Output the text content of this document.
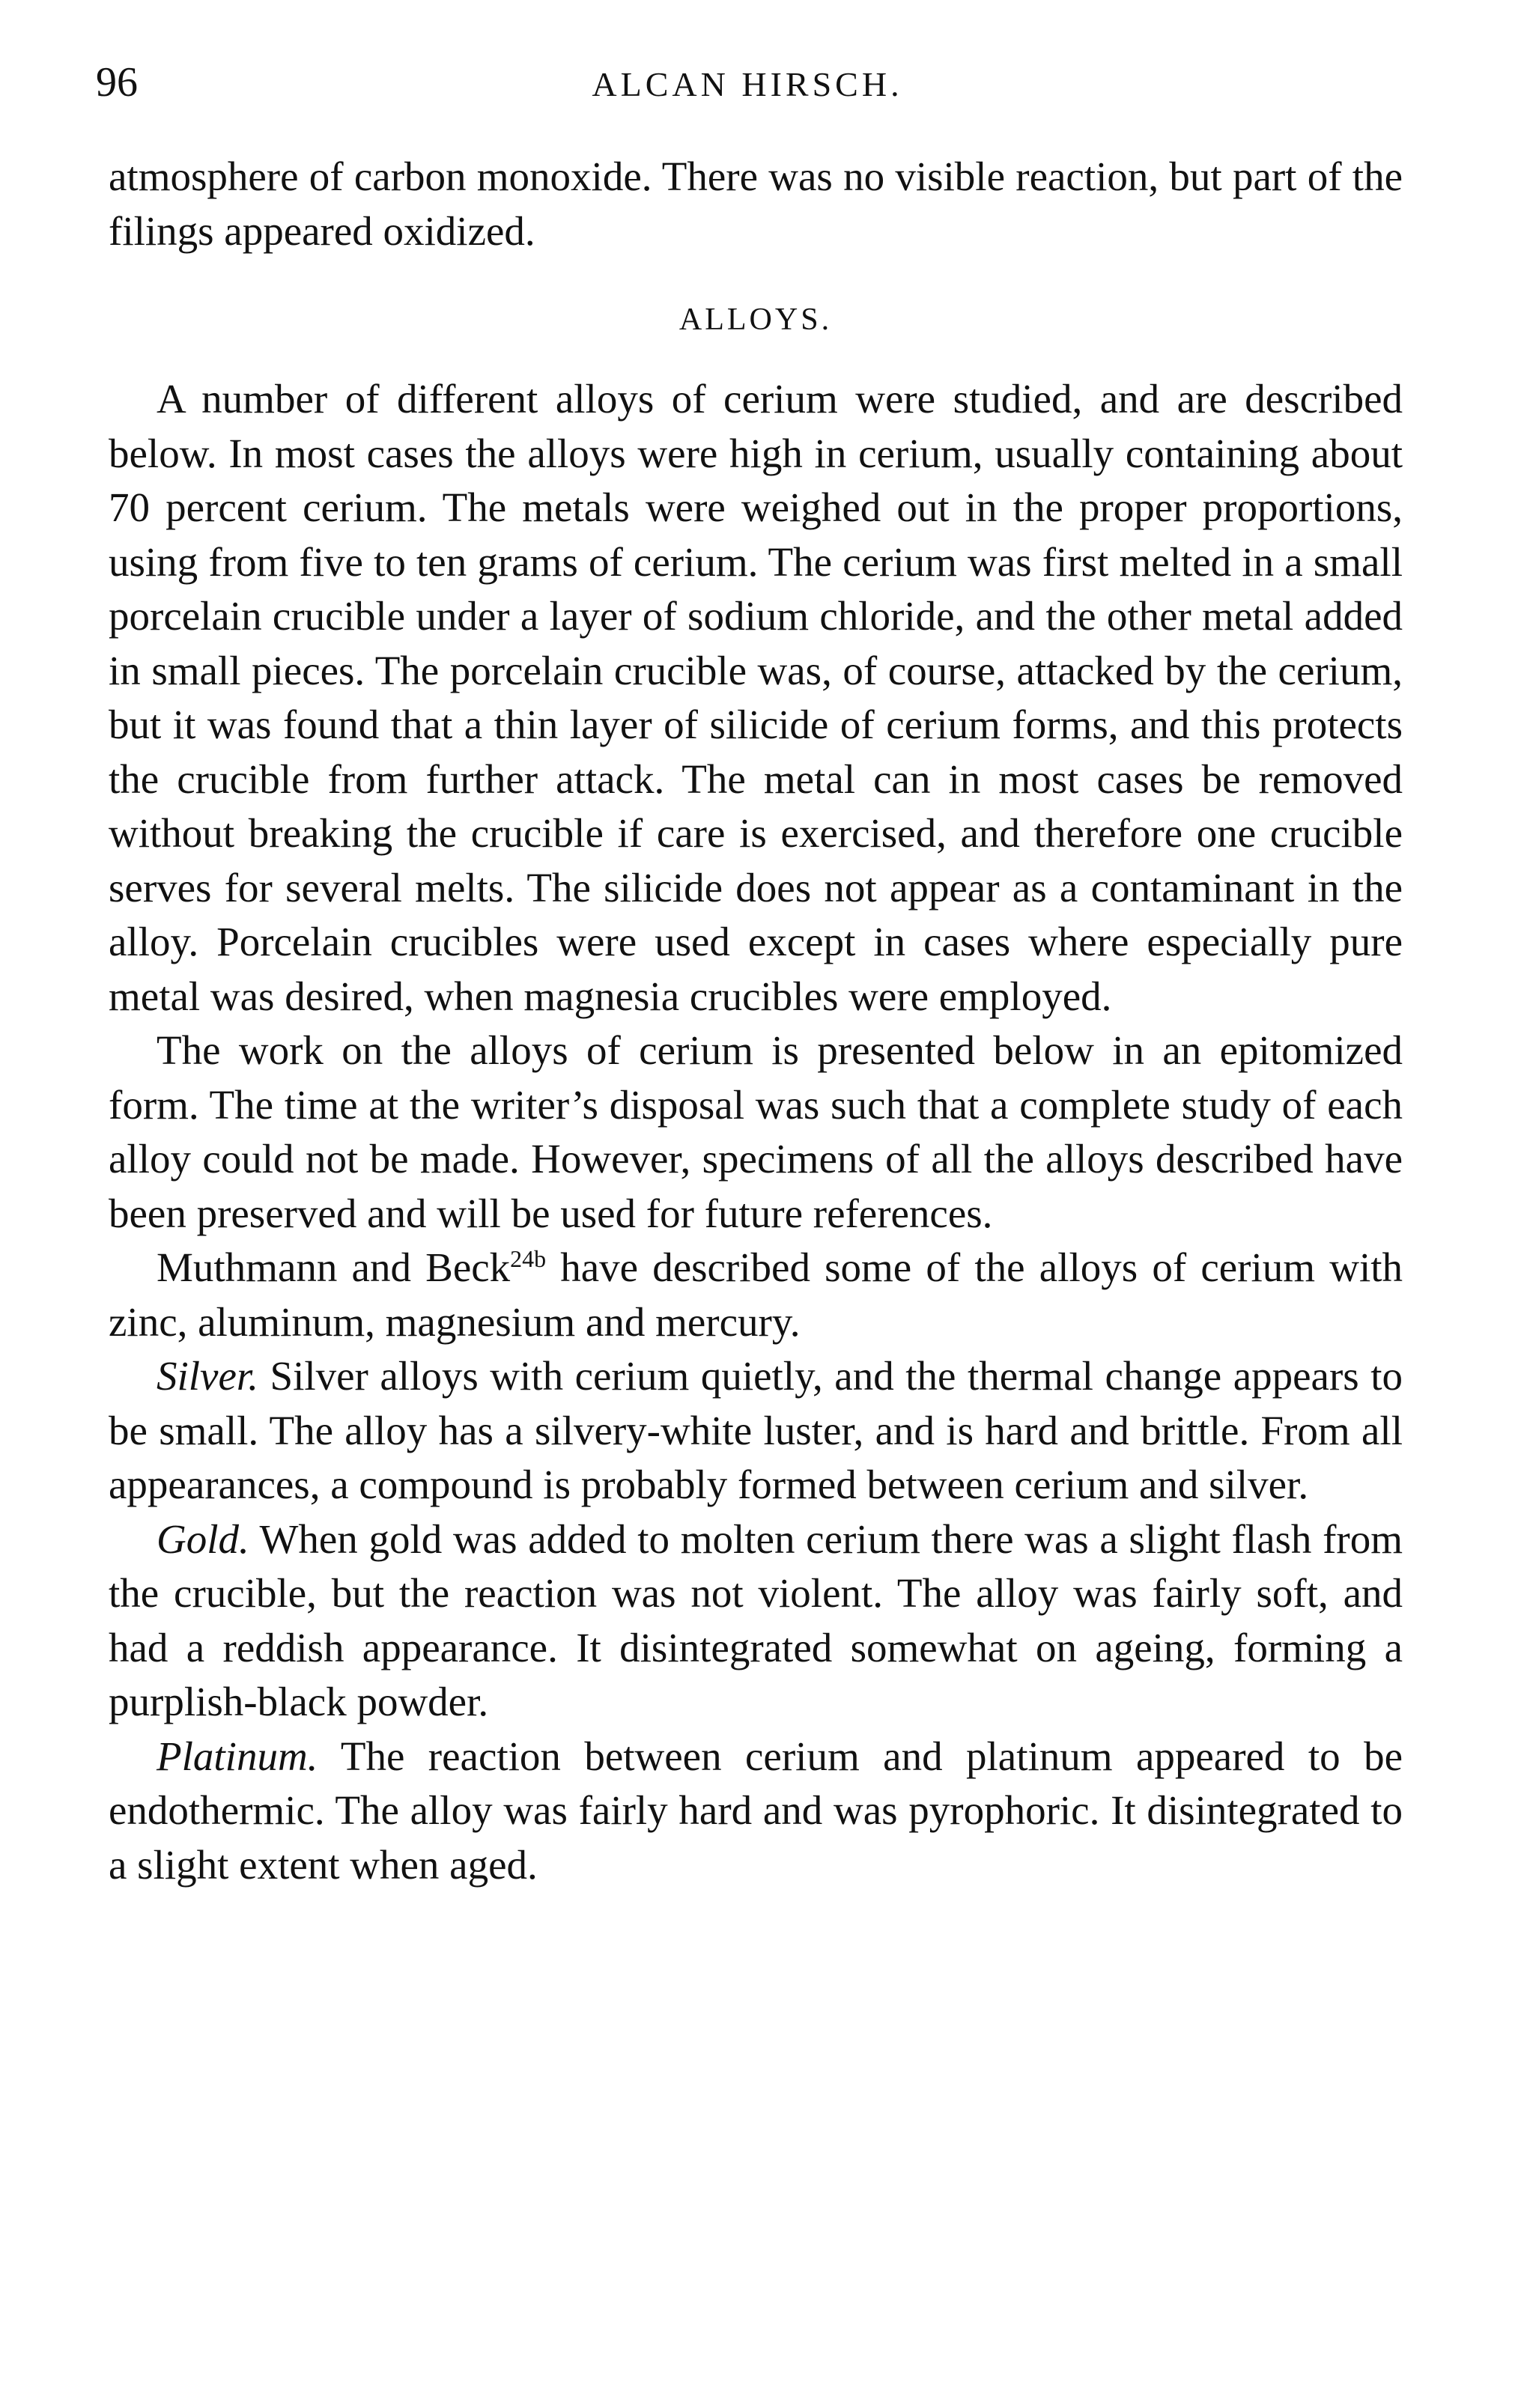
96	ALCAN HIRSCH.

atmosphere of carbon monoxide. There was no visible reaction, but part of the filings appeared oxidized.

ALLOYS.

A number of different alloys of cerium were studied, and are described below. In most cases the alloys were high in cerium, usually containing about 70 percent cerium. The metals were weighed out in the proper proportions, using from five to ten grams of cerium. The cerium was first melted in a small porcelain crucible under a layer of sodium chloride, and the other metal added in small pieces. The porcelain crucible was, of course, attacked by the cerium, but it was found that a thin layer of silicide of cerium forms, and this protects the crucible from further attack. The metal can in most cases be removed without breaking the crucible if care is exercised, and therefore one crucible serves for several melts. The silicide does not appear as a contaminant in the alloy. Porcelain crucibles were used except in cases where especially pure metal was desired, when magnesia crucibles were employed.

The work on the alloys of cerium is presented below in an epitomized form. The time at the writer’s disposal was such that a complete study of each alloy could not be made. However, specimens of all the alloys described have been preserved and will be used for future references.

Muthmann and Beck$^{24b}$ have described some of the alloys of cerium with zinc, aluminum, magnesium and mercury.

Silver. Silver alloys with cerium quietly, and the thermal change appears to be small. The alloy has a silvery-white luster, and is hard and brittle. From all appearances, a compound is probably formed between cerium and silver.

Gold. When gold was added to molten cerium there was a slight flash from the crucible, but the reaction was not violent. The alloy was fairly soft, and had a reddish appearance. It disintegrated somewhat on ageing, forming a purplish-black powder.

Platinum. The reaction between cerium and platinum appeared to be endothermic. The alloy was fairly hard and was pyrophoric. It disintegrated to a slight extent when aged.
